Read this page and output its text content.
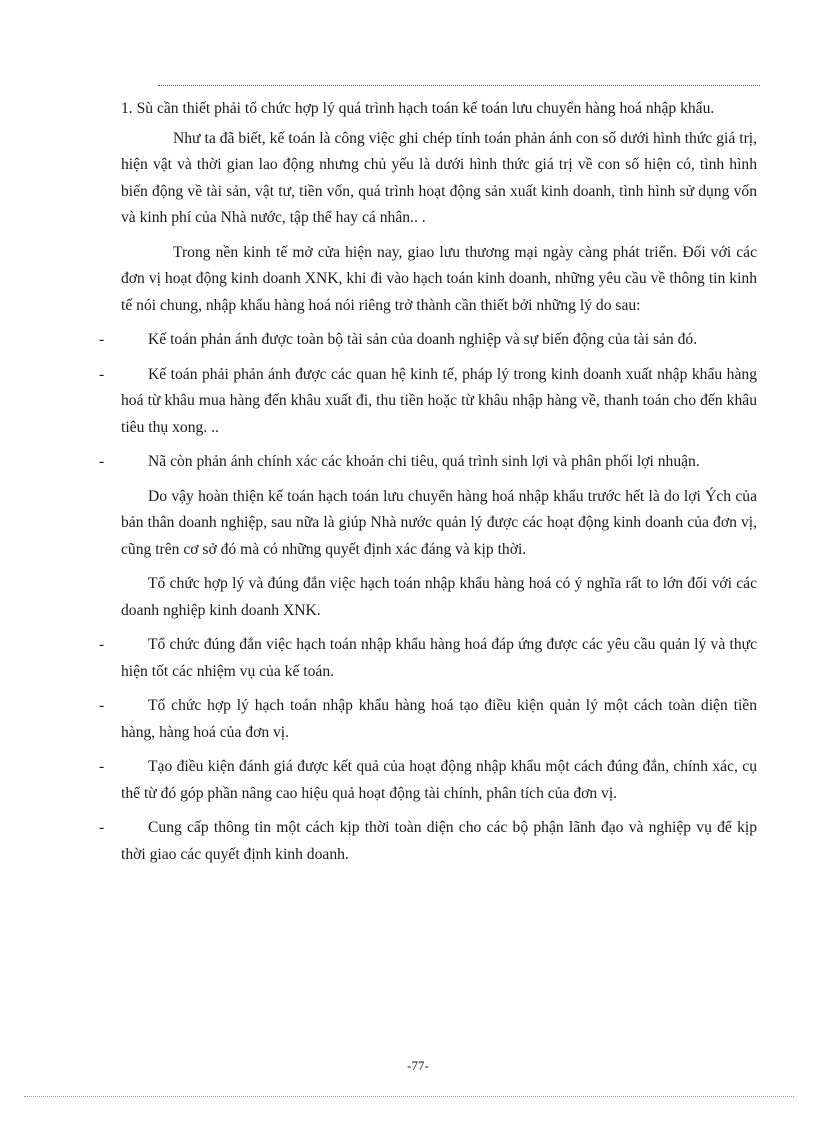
1. Sù cần thiết phải tổ chức hợp lý quá trình hạch toán kế toán lưu chuyển hàng hoá nhập khẩu.

Như ta đã biết, kế toán là công việc ghi chép tính toán phản ánh con số dưới hình thức giá trị, hiện vật và thời gian lao động nhưng chủ yếu là dưới hình thức giá trị về con số hiện có, tình hình biến động về tài sản, vật tư, tiền vốn, quá trình hoạt động sản xuất kinh doanh, tình hình sử dụng vốn và kinh phí của Nhà nước, tập thể hay cá nhân.. .

Trong nền kinh tế mở cửa hiện nay, giao lưu thương mại ngày càng phát triển. Đối với các đơn vị hoạt động kinh doanh XNK, khi đi vào hạch toán kinh doanh, những yêu cầu về thông tin kinh tế nói chung, nhập khẩu hàng hoá nói riêng trở thành cần thiết bởi những lý do sau:

-	Kế toán phản ánh được toàn bộ tài sản của doanh nghiệp và sự biến động của tài sản đó.

-	Kế toán phải phản ánh được các quan hệ kinh tế, pháp lý trong kinh doanh xuất nhập khẩu hàng hoá từ khâu mua hàng đến khâu xuất đi, thu tiền hoặc từ khâu nhập hàng về, thanh toán cho đến khâu tiêu thụ xong. ..

-	Nã còn phản ánh chính xác các khoản chi tiêu, quá trình sinh lợi và phân phối lợi nhuận.

Do vậy hoàn thiện kế toán hạch toán lưu chuyển hàng hoá nhập khẩu trước hết là do lợi Ých của bản thân doanh nghiệp, sau nữa là giúp Nhà nước quản lý được các hoạt động kinh doanh của đơn vị, cũng trên cơ sở đó mà có những quyết định xác đáng và kịp thời.

Tổ chức hợp lý và đúng đắn việc hạch toán nhập khẩu hàng hoá có ý nghĩa rất to lớn đối với các doanh nghiệp kinh doanh XNK.

-	Tổ chức đúng đắn việc hạch toán nhập khẩu hàng hoá đáp ứng được các yêu cầu quản lý và thực hiện tốt các nhiệm vụ của kế toán.

-	Tổ chức hợp lý hạch toán nhập khẩu hàng hoá tạo điều kiện quản lý một cách toàn diện tiền hàng, hàng hoá của đơn vị.

-	Tạo điều kiện đánh giá được kết quả của hoạt động nhập khẩu một cách đúng đắn, chính xác, cụ thể từ đó góp phần nâng cao hiệu quả hoạt động tài chính, phân tích của đơn vị.

-	Cung cấp thông tin một cách kịp thời toàn diện cho các bộ phận lãnh đạo và nghiệp vụ để kịp thời giao các quyết định kinh doanh.

-77-
